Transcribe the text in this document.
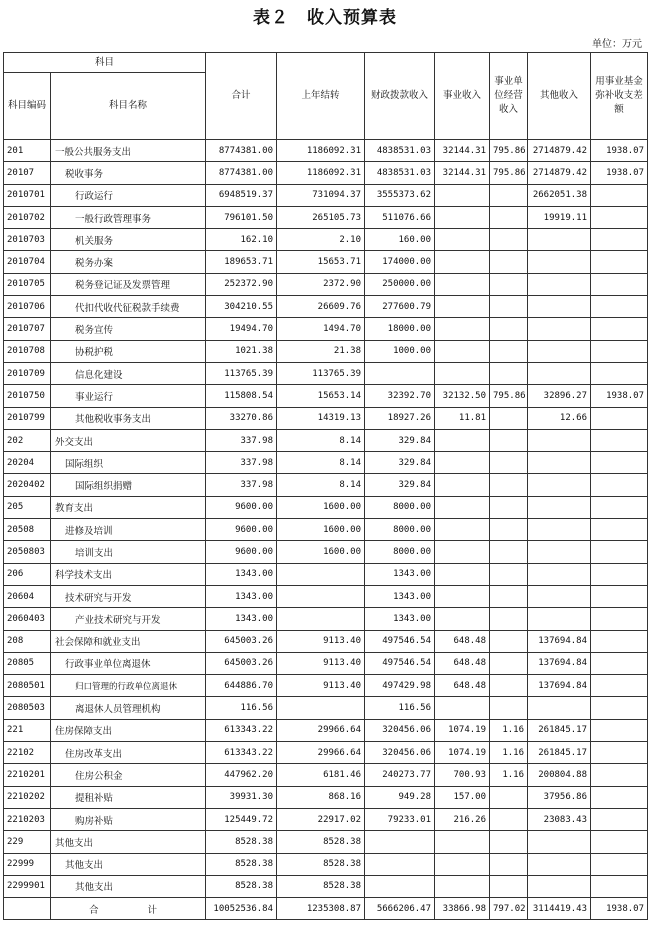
表２　收入预算表
单位：万元
科目		合计	上年结转	财政拨款收入	事业收入	事业单位经营收入	其他收入	用事业基金弥补收支差额
科目编码	科目名称							
201	一般公共服务支出	8774381.00	1186092.31	4838531.03	32144.31	795.86	2714879.42	1938.07
20107	税收事务	8774381.00	1186092.31	4838531.03	32144.31	795.86	2714879.42	1938.07
2010701	行政运行	6948519.37	731094.37	3555373.62			2662051.38	
2010702	一般行政管理事务	796101.50	265105.73	511076.66			19919.11	
2010703	机关服务	162.10	2.10	160.00				
2010704	税务办案	189653.71	15653.71	174000.00				
2010705	税务登记证及发票管理	252372.90	2372.90	250000.00				
2010706	代扣代收代征税款手续费	304210.55	26609.76	277600.79				
2010707	税务宣传	19494.70	1494.70	18000.00				
2010708	协税护税	1021.38	21.38	1000.00				
2010709	信息化建设	113765.39	113765.39					
2010750	事业运行	115808.54	15653.14	32392.70	32132.50	795.86	32896.27	1938.07
2010799	其他税收事务支出	33270.86	14319.13	18927.26	11.81		12.66	
202	外交支出	337.98	8.14	329.84				
20204	国际组织	337.98	8.14	329.84				
2020402	国际组织捐赠	337.98	8.14	329.84				
205	教育支出	9600.00	1600.00	8000.00				
20508	进修及培训	9600.00	1600.00	8000.00				
2050803	培训支出	9600.00	1600.00	8000.00				
206	科学技术支出	1343.00		1343.00				
20604	技术研究与开发	1343.00		1343.00				
2060403	产业技术研究与开发	1343.00		1343.00				
208	社会保障和就业支出	645003.26	9113.40	497546.54	648.48		137694.84	
20805	行政事业单位离退休	645003.26	9113.40	497546.54	648.48		137694.84	
2080501	归口管理的行政单位离退休	644886.70	9113.40	497429.98	648.48		137694.84	
2080503	离退休人员管理机构	116.56		116.56				
221	住房保障支出	613343.22	29966.64	320456.06	1074.19	1.16	261845.17	
22102	住房改革支出	613343.22	29966.64	320456.06	1074.19	1.16	261845.17	
2210201	住房公积金	447962.20	6181.46	240273.77	700.93	1.16	200804.88	
2210202	提租补贴	39931.30	868.16	949.28	157.00		37956.86	
2210203	购房补贴	125449.72	22917.02	79233.01	216.26		23083.43	
229	其他支出	8528.38	8528.38					
22999	其他支出	8528.38	8528.38					
2299901	其他支出	8528.38	8528.38					
	合　　计	10052536.84	1235308.87	5666206.47	33866.98	797.02	3114419.43	1938.07
